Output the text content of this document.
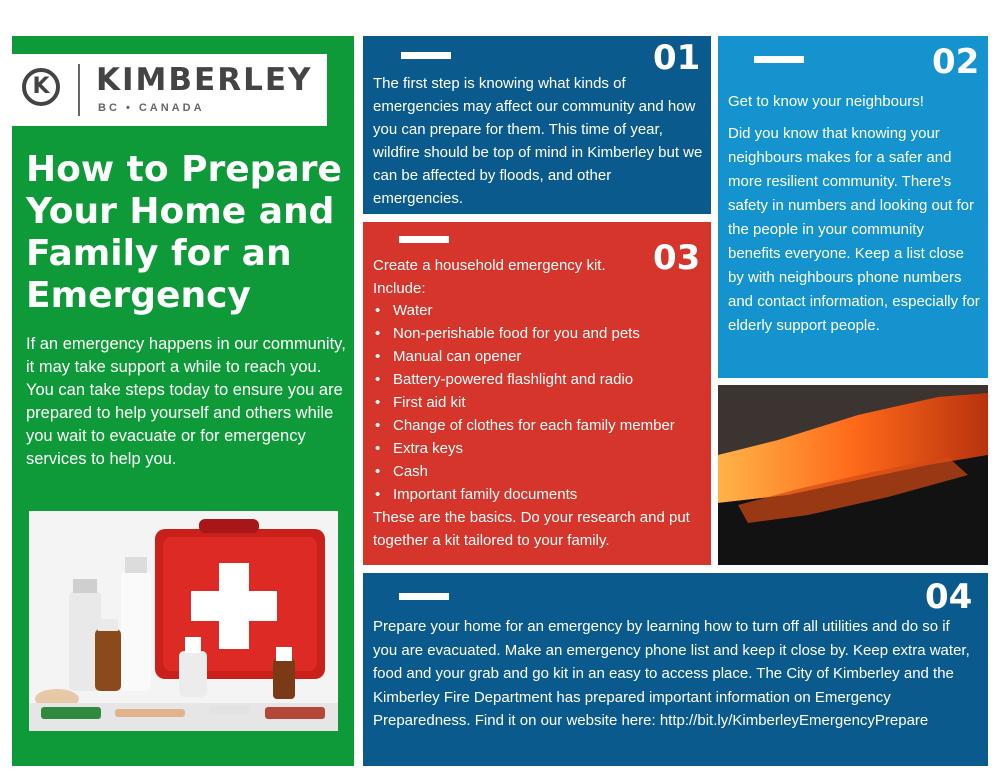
K	KIMBERLEY
BC • CANADA
How to Prepare Your Home and Family for an Emergency

If an emergency happens in our community, it may take support a while to reach you. You can take steps today to ensure you are prepared to help yourself and others while you wait to evacuate or for emergency services to help you.

01

The first step is knowing what kinds of emergencies may affect our community and how you can prepare for them. This time of year, wildfire should be top of mind in Kimberley but we can be affected by floods, and other emergencies.

03

Create a household emergency kit. Include:

• Water
• Non-perishable food for you and pets
• Manual can opener
• Battery-powered flashlight and radio
• First aid kit
• Change of clothes for each family member
• Extra keys
• Cash
• Important family documents

These are the basics. Do your research and put together a kit tailored to your family.

02

Get to know your neighbours!

Did you know that knowing your neighbours makes for a safer and more resilient community. There's safety in numbers and looking out for the people in your community benefits everyone. Keep a list close by with neighbours phone numbers and contact information, especially for elderly support people.

04

Prepare your home for an emergency by learning how to turn off all utilities and do so if you are evacuated. Make an emergency phone list and keep it close by. Keep extra water, food and your grab and go kit in an easy to access place. The City of Kimberley and the Kimberley Fire Department has prepared important information on Emergency Preparedness. Find it on our website here: http://bit.ly/KimberleyEmergencyPrepare
